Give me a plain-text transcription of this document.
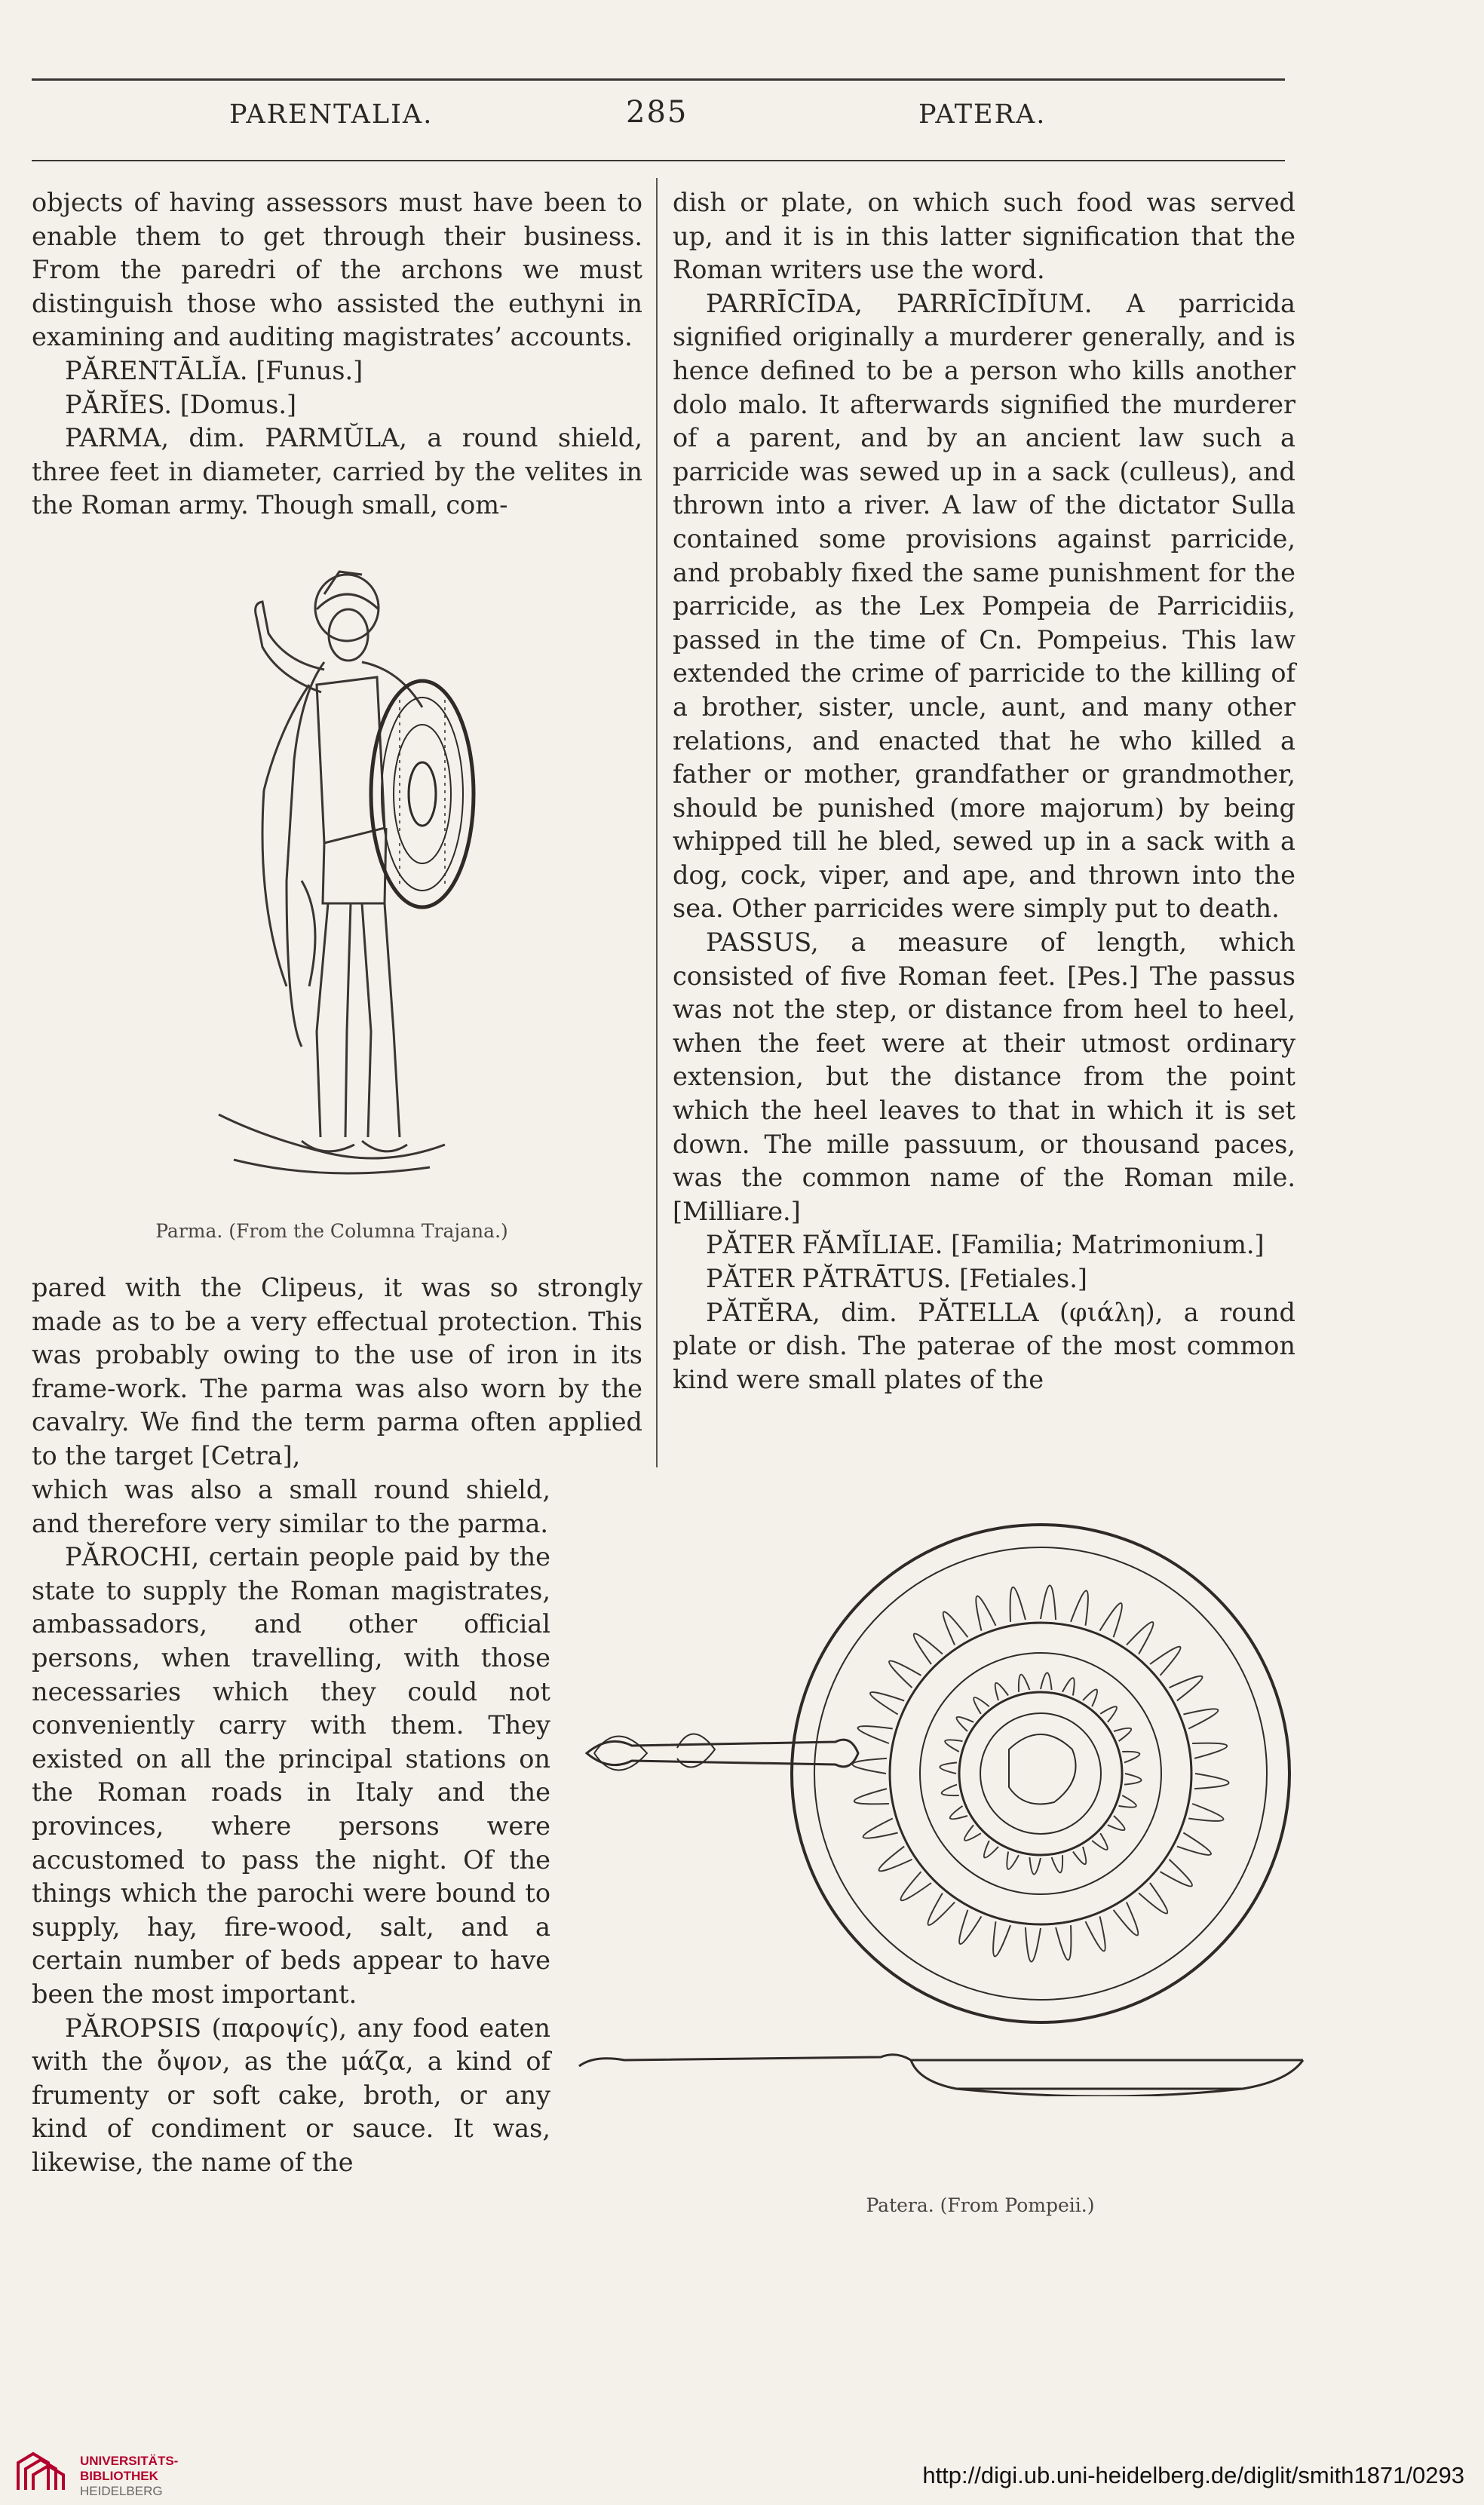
PARENTALIA.	285	PATERA.

objects of having assessors must have been to enable them to get through their business. From the paredri of the archons we must distinguish those who assisted the euthyni in examining and auditing magistrates’ accounts.

PĂRENTĀLĬA. [Funus.]

PĂRĬES. [Domus.]

PARMA, dim. PARMŬLA, a round shield, three feet in diameter, carried by the velites in the Roman army. Though small, com-

Parma. (From the Columna Trajana.)

pared with the Clipeus, it was so strongly made as to be a very effectual protection. This was probably owing to the use of iron in its frame-work. The parma was also worn by the cavalry. We find the term parma often applied to the target [Cetra],

which was also a small round shield, and therefore very similar to the parma.

PĂROCHI, certain people paid by the state to supply the Roman magistrates, ambassadors, and other official persons, when travelling, with those necessaries which they could not conveniently carry with them. They existed on all the principal stations on the Roman roads in Italy and the provinces, where persons were accustomed to pass the night. Of the things which the parochi were bound to supply, hay, fire-wood, salt, and a certain number of beds appear to have been the most important.

PĂROPSIS (παροψίς), any food eaten with the ὄψον, as the μάζα, a kind of frumenty or soft cake, broth, or any kind of condiment or sauce. It was, likewise, the name of the

dish or plate, on which such food was served up, and it is in this latter signification that the Roman writers use the word.

PARRĪCĪDA, PARRĪCĪDĬUM. A parricida signified originally a murderer generally, and is hence defined to be a person who kills another dolo malo. It afterwards signified the murderer of a parent, and by an ancient law such a parricide was sewed up in a sack (culleus), and thrown into a river. A law of the dictator Sulla contained some provisions against parricide, and probably fixed the same punishment for the parricide, as the Lex Pompeia de Parricidiis, passed in the time of Cn. Pompeius. This law extended the crime of parricide to the killing of a brother, sister, uncle, aunt, and many other relations, and enacted that he who killed a father or mother, grandfather or grandmother, should be punished (more majorum) by being whipped till he bled, sewed up in a sack with a dog, cock, viper, and ape, and thrown into the sea. Other parricides were simply put to death.

PASSUS, a measure of length, which consisted of five Roman feet. [Pes.] The passus was not the step, or distance from heel to heel, when the feet were at their utmost ordinary extension, but the distance from the point which the heel leaves to that in which it is set down. The mille passuum, or thousand paces, was the common name of the Roman mile. [Milliare.]

PĂTER FĂMĬLIAE. [Familia; Matrimonium.]

PĂTER PĂTRĀTUS. [Fetiales.]

PĂTĔRA, dim. PĂTELLA (φιάλη), a round plate or dish. The paterae of the most common kind were small plates of the

Patera. (From Pompeii.)
UNIVERSITÄTS-
BIBLIOTHEK
HEIDELBERG
http://digi.ub.uni-heidelberg.de/diglit/smith1871/0293
